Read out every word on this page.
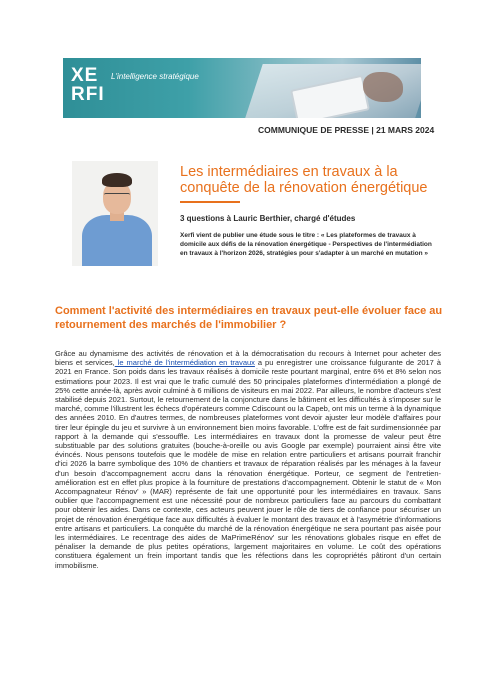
XE
RFI
L'intelligence stratégique
COMMUNIQUE DE PRESSE | 21 MARS 2024
Les intermédiaires en travaux à la conquête de la rénovation énergétique
3 questions à Lauric Berthier, chargé d'études
Xerfi vient de publier une étude sous le titre : « Les plateformes de travaux à domicile aux défis de la rénovation énergétique - Perspectives de l'intermédiation en travaux à l'horizon 2026, stratégies pour s'adapter à un marché en mutation »
Comment l'activité des intermédiaires en travaux peut-elle évoluer face au retournement des marchés de l'immobilier ?
Grâce au dynamisme des activités de rénovation et à la démocratisation du recours à Internet pour acheter des biens et services, le marché de l'intermédiation en travaux a pu enregistrer une croissance fulgurante de 2017 à 2021 en France. Son poids dans les travaux réalisés à domicile reste pourtant marginal, entre 6% et 8% selon nos estimations pour 2023. Il est vrai que le trafic cumulé des 50 principales plateformes d'intermédiation a plongé de 25% cette année-là, après avoir culminé à 6 millions de visiteurs en mai 2022. Par ailleurs, le nombre d'acteurs s'est stabilisé depuis 2021. Surtout, le retournement de la conjoncture dans le bâtiment et les difficultés à s'imposer sur le marché, comme l'illustrent les échecs d'opérateurs comme Cdiscount ou la Capeb, ont mis un terme à la dynamique des années 2010. En d'autres termes, de nombreuses plateformes vont devoir ajuster leur modèle d'affaires pour tirer leur épingle du jeu et survivre à un environnement bien moins favorable. L'offre est de fait surdimensionnée par rapport à la demande qui s'essouffle. Les intermédiaires en travaux dont la promesse de valeur peut être substituable par des solutions gratuites (bouche-à-oreille ou avis Google par exemple) pourraient ainsi être vite évincés. Nous pensons toutefois que le modèle de mise en relation entre particuliers et artisans pourrait franchir d'ici 2026 la barre symbolique des 10% de chantiers et travaux de réparation réalisés par les ménages à la faveur d'un besoin d'accompagnement accru dans la rénovation énergétique. Porteur, ce segment de l'entretien-amélioration est en effet plus propice à la fourniture de prestations d'accompagnement. Obtenir le statut de « Mon Accompagnateur Rénov' » (MAR) représente de fait une opportunité pour les intermédiaires en travaux. Sans oublier que l'accompagnement est une nécessité pour de nombreux particuliers face au parcours du combattant pour obtenir les aides. Dans ce contexte, ces acteurs peuvent jouer le rôle de tiers de confiance pour sécuriser un projet de rénovation énergétique face aux difficultés à évaluer le montant des travaux et à l'asymétrie d'informations entre artisans et particuliers. La conquête du marché de la rénovation énergétique ne sera pourtant pas aisée pour les intermédiaires. Le recentrage des aides de MaPrimeRénov' sur les rénovations globales risque en effet de pénaliser la demande de plus petites opérations, largement majoritaires en volume. Le coût des opérations constituera également un frein important tandis que les réfections dans les copropriétés pâtiront d'un certain immobilisme.
